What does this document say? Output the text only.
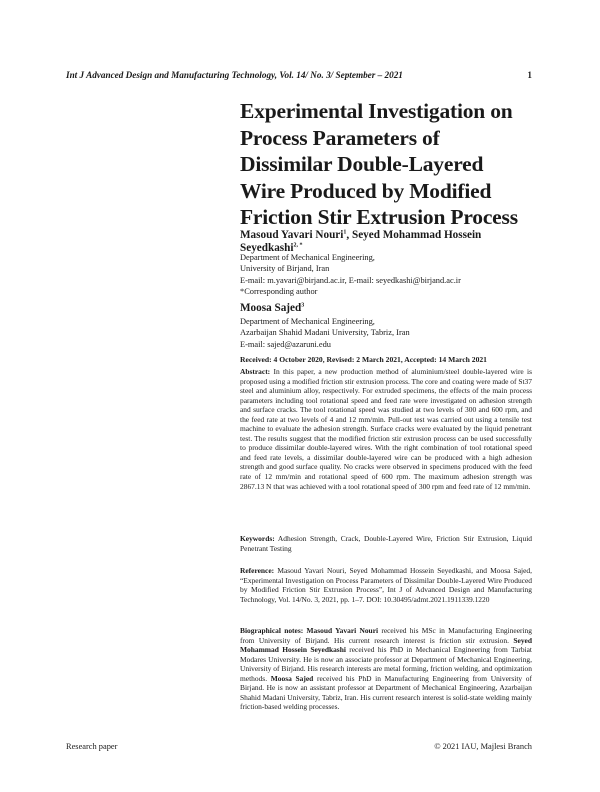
Int J Advanced Design and Manufacturing Technology, Vol. 14/ No. 3/ September – 2021	1
Experimental Investigation on
Process Parameters of
Dissimilar Double-Layered
Wire Produced by Modified
Friction Stir Extrusion Process
Masoud Yavari Nouri$^1$, Seyed Mohammad Hossein
Seyedkashi$^{2, *}$
Department of Mechanical Engineering,
University of Birjand, Iran
E-mail: m.yavari@birjand.ac.ir, E-mail: seyedkashi@birjand.ac.ir
*Corresponding author
Moosa Sajed$^3$
Department of Mechanical Engineering,
Azarbaijan Shahid Madani University, Tabriz, Iran
E-mail: sajed@azaruni.edu
Received: 4 October 2020, Revised: 2 March 2021, Accepted: 14 March 2021
Abstract: In this paper, a new production method of aluminium/steel double-layered wire is proposed using a modified friction stir extrusion process. The core and coating were made of St37 steel and aluminium alloy, respectively. For extruded specimens, the effects of the main process parameters including tool rotational speed and feed rate were investigated on adhesion strength and surface cracks. The tool rotational speed was studied at two levels of 300 and 600 rpm, and the feed rate at two levels of 4 and 12 mm/min. Pull-out test was carried out using a tensile test machine to evaluate the adhesion strength. Surface cracks were evaluated by the liquid penetrant test. The results suggest that the modified friction stir extrusion process can be used successfully to produce dissimilar double-layered wires. With the right combination of tool rotational speed and feed rate levels, a dissimilar double-layered wire can be produced with a high adhesion strength and good surface quality. No cracks were observed in specimens produced with the feed rate of 12 mm/min and rotational speed of 600 rpm. The maximum adhesion strength was 2867.13 N that was achieved with a tool rotational speed of 300 rpm and feed rate of 12 mm/min.
Keywords: Adhesion Strength, Crack, Double-Layered Wire, Friction Stir Extrusion, Liquid Penetrant Testing
Reference: Masoud Yavari Nouri, Seyed Mohammad Hossein Seyedkashi, and Moosa Sajed, “Experimental Investigation on Process Parameters of Dissimilar Double-Layered Wire Produced by Modified Friction Stir Extrusion Process”, Int J of Advanced Design and Manufacturing Technology, Vol. 14/No. 3, 2021, pp. 1–7. DOI: 10.30495/admt.2021.1911339.1220
Biographical notes: Masoud Yavari Nouri received his MSc in Manufacturing Engineering from University of Birjand. His current research interest is friction stir extrusion. Seyed Mohammad Hossein Seyedkashi received his PhD in Mechanical Engineering from Tarbiat Modares University. He is now an associate professor at Department of Mechanical Engineering, University of Birjand. His research interests are metal forming, friction welding, and optimization methods. Moosa Sajed received his PhD in Manufacturing Engineering from University of Birjand. He is now an assistant professor at Department of Mechanical Engineering, Azarbaijan Shahid Madani University, Tabriz, Iran. His current research interest is solid-state welding mainly friction-based welding processes.
Research paper	© 2021 IAU, Majlesi Branch
